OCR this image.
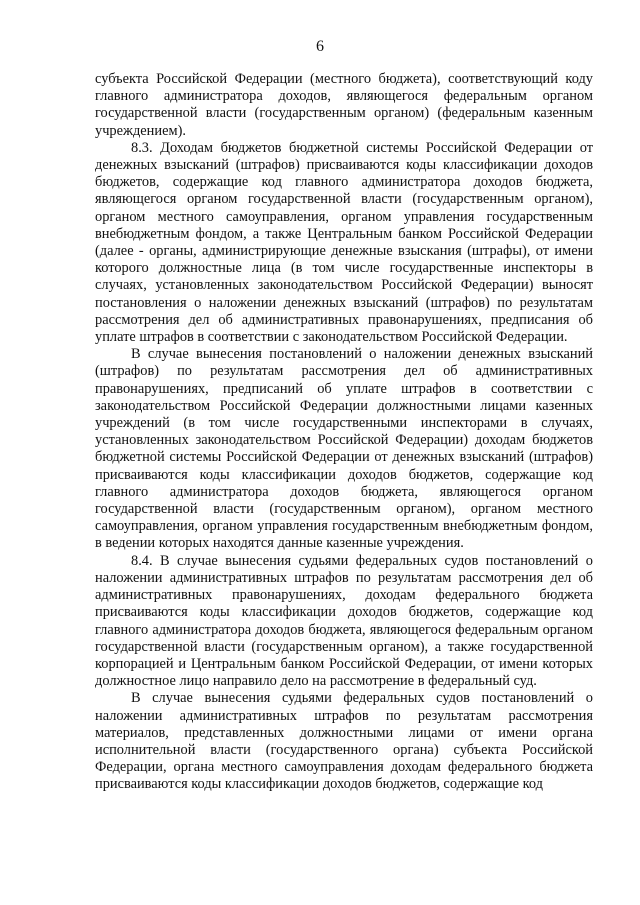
6

субъекта Российской Федерации (местного бюджета), соответствующий коду главного администратора доходов, являющегося федеральным органом государственной власти (государственным органом) (федеральным казенным учреждением).

8.3. Доходам бюджетов бюджетной системы Российской Федерации от денежных взысканий (штрафов) присваиваются коды классификации доходов бюджетов, содержащие код главного администратора доходов бюджета, являющегося органом государственной власти (государственным органом), органом местного самоуправления, органом управления государственным внебюджетным фондом, а также Центральным банком Российской Федерации (далее - органы, администрирующие денежные взыскания (штрафы), от имени которого должностные лица (в том числе государственные инспекторы в случаях, установленных законодательством Российской Федерации) выносят постановления о наложении денежных взысканий (штрафов) по результатам рассмотрения дел об административных правонарушениях, предписания об уплате штрафов в соответствии с законодательством Российской Федерации.

В случае вынесения постановлений о наложении денежных взысканий (штрафов) по результатам рассмотрения дел об административных правонарушениях, предписаний об уплате штрафов в соответствии с законодательством Российской Федерации должностными лицами казенных учреждений (в том числе государственными инспекторами в случаях, установленных законодательством Российской Федерации) доходам бюджетов бюджетной системы Российской Федерации от денежных взысканий (штрафов) присваиваются коды классификации доходов бюджетов, содержащие код главного администратора доходов бюджета, являющегося органом государственной власти (государственным органом), органом местного самоуправления, органом управления государственным внебюджетным фондом, в ведении которых находятся данные казенные учреждения.

8.4. В случае вынесения судьями федеральных судов постановлений о наложении административных штрафов по результатам рассмотрения дел об административных правонарушениях, доходам федерального бюджета присваиваются коды классификации доходов бюджетов, содержащие код главного администратора доходов бюджета, являющегося федеральным органом государственной власти (государственным органом), а также государственной корпорацией и Центральным банком Российской Федерации, от имени которых должностное лицо направило дело на рассмотрение в федеральный суд.

В случае вынесения судьями федеральных судов постановлений о наложении административных штрафов по результатам рассмотрения материалов, представленных должностными лицами от имени органа исполнительной власти (государственного органа) субъекта Российской Федерации, органа местного самоуправления доходам федерального бюджета присваиваются коды классификации доходов бюджетов, содержащие код
